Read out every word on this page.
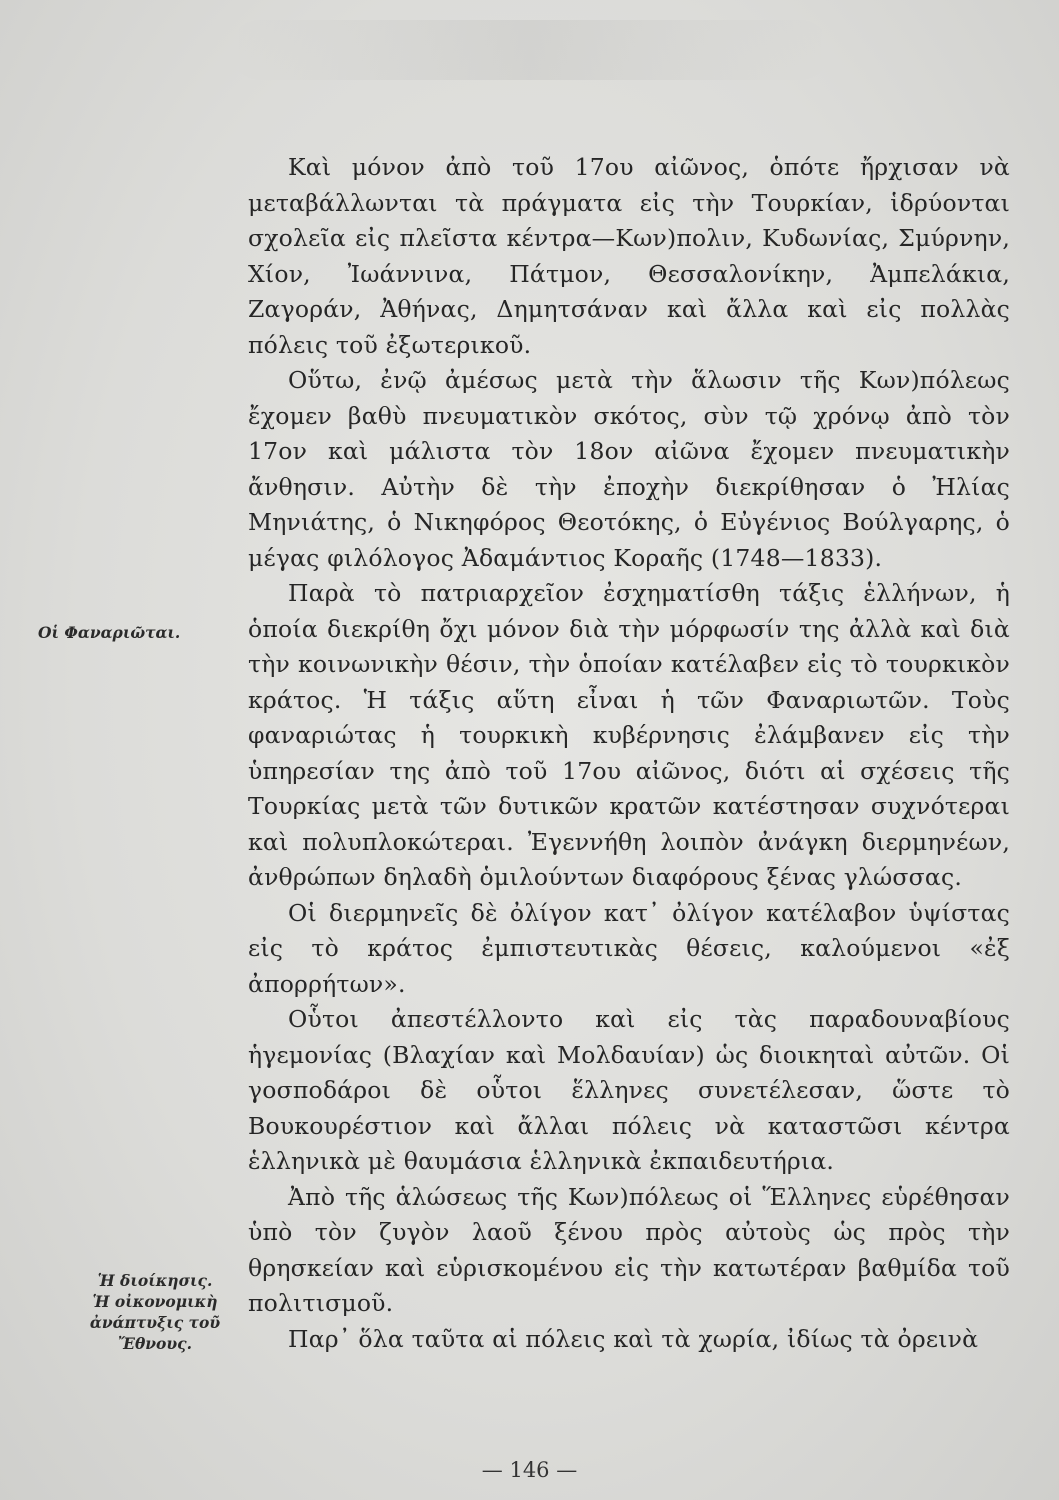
Καὶ μόνον ἀπὸ τοῦ 17ου αἰῶνος, ὁπότε ἤρχισαν νὰ μεταβάλλωνται τὰ πράγματα εἰς τὴν Τουρκίαν, ἱδρύονται σχολεῖα εἰς πλεῖστα κέντρα—Κων)πολιν, Κυδωνίας, Σμύρνην, Χίον, Ἰωάννινα, Πάτμον, Θεσσαλονίκην, Ἀμπελάκια, Ζαγοράν, Ἀθήνας, Δημητσάναν καὶ ἄλλα καὶ εἰς πολλὰς πόλεις τοῦ ἐξωτερικοῦ.

Οὕτω, ἐνῷ ἀμέσως μετὰ τὴν ἅλωσιν τῆς Κων)πόλεως ἔχομεν βαθὺ πνευματικὸν σκότος, σὺν τῷ χρόνῳ ἀπὸ τὸν 17ον καὶ μάλιστα τὸν 18ον αἰῶνα ἔχομεν πνευματικὴν ἄνθησιν. Αὐτὴν δὲ τὴν ἐποχὴν διεκρίθησαν ὁ Ἠλίας Μηνιάτης, ὁ Νικηφόρος Θεοτόκης, ὁ Εὐγένιος Βούλγαρης, ὁ μέγας φιλόλογος Ἀδαμάντιος Κοραῆς (1748—1833).

Παρὰ τὸ πατριαρχεῖον ἐσχηματίσθη τάξις ἑλλήνων, ἡ ὁποία διεκρίθη ὄχι μόνον διὰ τὴν μόρφωσίν της ἀλλὰ καὶ διὰ τὴν κοινωνικὴν θέσιν, τὴν ὁποίαν κατέλαβεν εἰς τὸ τουρκικὸν κράτος. Ἡ τάξις αὕτη εἶναι ἡ τῶν Φαναριωτῶν. Τοὺς φαναριώτας ἡ τουρκικὴ κυβέρνησις ἐλάμβανεν εἰς τὴν ὑπηρεσίαν της ἀπὸ τοῦ 17ου αἰῶνος, διότι αἱ σχέσεις τῆς Τουρκίας μετὰ τῶν δυτικῶν κρατῶν κατέστησαν συχνότεραι καὶ πολυπλοκώτεραι. Ἐγεννήθη λοιπὸν ἀνάγκη διερμηνέων, ἀνθρώπων δηλαδὴ ὁμιλούντων διαφόρους ξένας γλώσσας.

Οἱ διερμηνεῖς δὲ ὀλίγον κατ᾽ ὀλίγον κατέλαβον ὑψίστας εἰς τὸ κράτος ἐμπιστευτικὰς θέσεις, καλούμενοι «ἐξ ἀπορρήτων».

Οὗτοι ἀπεστέλλοντο καὶ εἰς τὰς παραδουναβίους ἡγεμονίας (Βλαχίαν καὶ Μολδαυίαν) ὡς διοικηταὶ αὐτῶν. Οἱ γοσποδάροι δὲ οὗτοι ἕλληνες συνετέλεσαν, ὥστε τὸ Βουκουρέστιον καὶ ἄλλαι πόλεις νὰ καταστῶσι κέντρα ἑλληνικὰ μὲ θαυμάσια ἑλληνικὰ ἐκπαιδευτήρια.

Ἀπὸ τῆς ἁλώσεως τῆς Κων)πόλεως οἱ Ἕλληνες εὑρέθησαν ὑπὸ τὸν ζυγὸν λαοῦ ξένου πρὸς αὐτοὺς ὡς πρὸς τὴν θρησκείαν καὶ εὑρισκομένου εἰς τὴν κατωτέραν βαθμίδα τοῦ πολιτισμοῦ.

Παρ᾽ ὅλα ταῦτα αἱ πόλεις καὶ τὰ χωρία, ἰδίως τὰ ὀρεινὰ

Οἱ Φαναριῶται.
Ἡ διοίκησις.
Ἡ οἰκονομικὴ
ἀνάπτυξις τοῦ
Ἔθνους.
— 146 —
